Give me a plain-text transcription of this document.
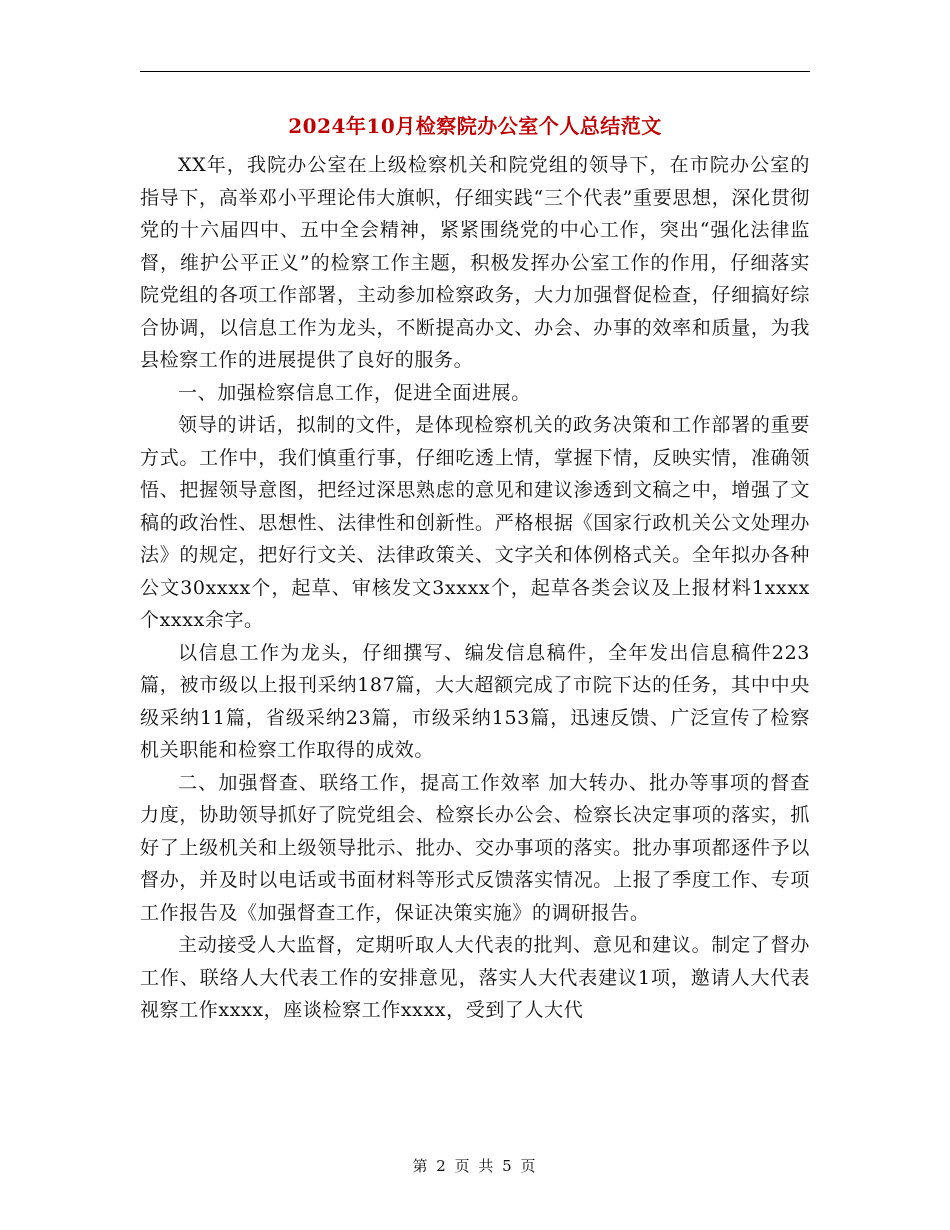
2024年10月检察院办公室个人总结范文

XX年，我院办公室在上级检察机关和院党组的领导下，在市院办公室的指导下，高举邓小平理论伟大旗帜，仔细实践“三个代表”重要思想，深化贯彻党的十六届四中、五中全会精神，紧紧围绕党的中心工作，突出“强化法律监督，维护公平正义”的检察工作主题，积极发挥办公室工作的作用，仔细落实院党组的各项工作部署，主动参加检察政务，大力加强督促检查，仔细搞好综合协调，以信息工作为龙头，不断提高办文、办会、办事的效率和质量，为我县检察工作的进展提供了良好的服务。

一、加强检察信息工作，促进全面进展。

领导的讲话，拟制的文件，是体现检察机关的政务决策和工作部署的重要方式。工作中，我们慎重行事，仔细吃透上情，掌握下情，反映实情，准确领悟、把握领导意图，把经过深思熟虑的意见和建议渗透到文稿之中，增强了文稿的政治性、思想性、法律性和创新性。严格根据《国家行政机关公文处理办法》的规定，把好行文关、法律政策关、文字关和体例格式关。全年拟办各种公文30xxxx个，起草、审核发文3xxxx个，起草各类会议及上报材料1xxxx个xxxx余字。

以信息工作为龙头，仔细撰写、编发信息稿件，全年发出信息稿件223篇，被市级以上报刊采纳187篇，大大超额完成了市院下达的任务，其中中央级采纳11篇，省级采纳23篇，市级采纳153篇，迅速反馈、广泛宣传了检察机关职能和检察工作取得的成效。

二、加强督查、联络工作，提高工作效率 加大转办、批办等事项的督查力度，协助领导抓好了院党组会、检察长办公会、检察长决定事项的落实，抓好了上级机关和上级领导批示、批办、交办事项的落实。批办事项都逐件予以督办，并及时以电话或书面材料等形式反馈落实情况。上报了季度工作、专项工作报告及《加强督查工作，保证决策实施》的调研报告。

主动接受人大监督，定期听取人大代表的批判、意见和建议。制定了督办工作、联络人大代表工作的安排意见，落实人大代表建议1项，邀请人大代表视察工作xxxx，座谈检察工作xxxx，受到了人大代

第 2 页 共 5 页
